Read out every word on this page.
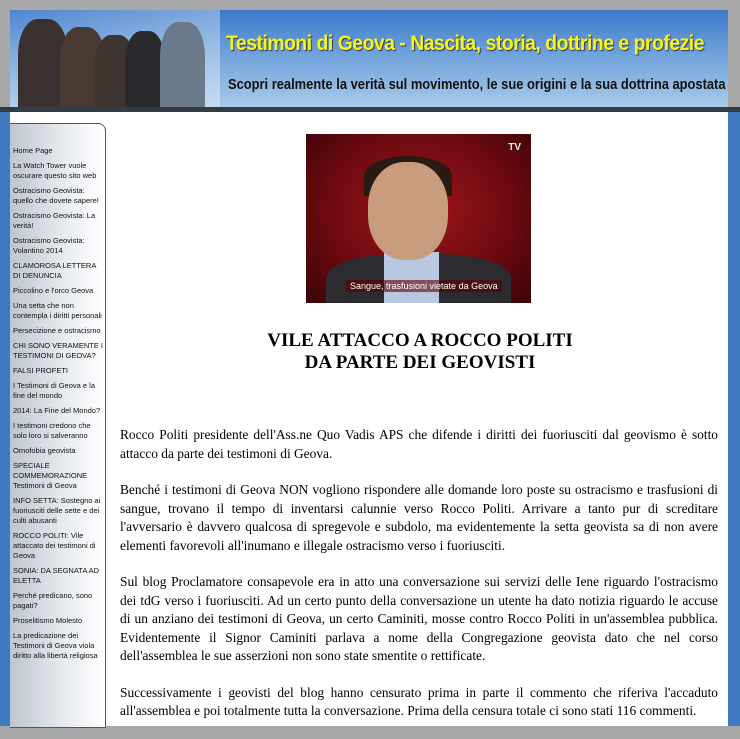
Testimoni di Geova - Nascita, storia, dottrine e profezie
Scopri realmente la verità sul movimento, le sue origini e la sua dottrina apostata
Home Page
La Watch Tower vuole oscurare questo sito web
Ostracismo Geovista: quello che dovete sapere!
Ostracismo Geovista: La verità!
Ostracismo Geovista: Volantino 2014
CLAMOROSA LETTERA DI DENUNCIA
Piccolino e l'orco Geova
Una setta che non contempla i diritti personali
Persecizione e ostracismo
CHI SONO VERAMENTE I TESTIMONI DI GEOVA?
FALSI PROFETI
I Testimoni di Geova e la fine del mondo
2014: La Fine del Mondo?
I testimoni credono che solo loro si salveranno
Omofobia geovista
SPECIALE COMMEMORAZIONE Testimoni di Geova
INFO SETTA: Sostegno ai fuoriusciti delle sette e dei culti abusanti
ROCCO POLITI: Vile attaccato dei testimoni di Geova
SONIA: DA SEGNATA AD ELETTA
Perché predicano, sono pagati?
Proselitismo Molesto
La predicazione dei Testimoni di Geova viola diritto alla libertà religiosa
TV
Sangue, trasfusioni vietate da Geova
VILE ATTACCO A ROCCO POLITI
DA PARTE DEI GEOVISTI

Rocco Politi presidente dell'Ass.ne Quo Vadis APS che difende i diritti dei fuoriusciti dal geovismo è sotto attacco da parte dei testimoni di Geova.

Benché i testimoni di Geova NON vogliono rispondere alle domande loro poste su ostracismo e trasfusioni di sangue, trovano il tempo di inventarsi calunnie verso Rocco Politi. Arrivare a tanto pur di screditare l'avversario è davvero qualcosa di spregevole e subdolo, ma evidentemente la setta geovista sa di non avere elementi favorevoli all'inumano e illegale ostracismo verso i fuoriusciti.

Sul blog Proclamatore consapevole era in atto una conversazione sui servizi delle Iene riguardo l'ostracismo dei tdG verso i fuoriusciti. Ad un certo punto della conversazione un utente ha dato notizia riguardo le accuse di un anziano dei testimoni di Geova, un certo Caminiti, mosse contro Rocco Politi in un'assemblea pubblica. Evidentemente il Signor Caminiti parlava a nome della Congregazione geovista dato che nel corso dell'assemblea le sue asserzioni non sono state smentite o rettificate.

Successivamente i geovisti del blog hanno censurato prima in parte il commento che riferiva l'accaduto all'assemblea e poi totalmente tutta la conversazione. Prima della censura totale ci sono stati 116 commenti.
